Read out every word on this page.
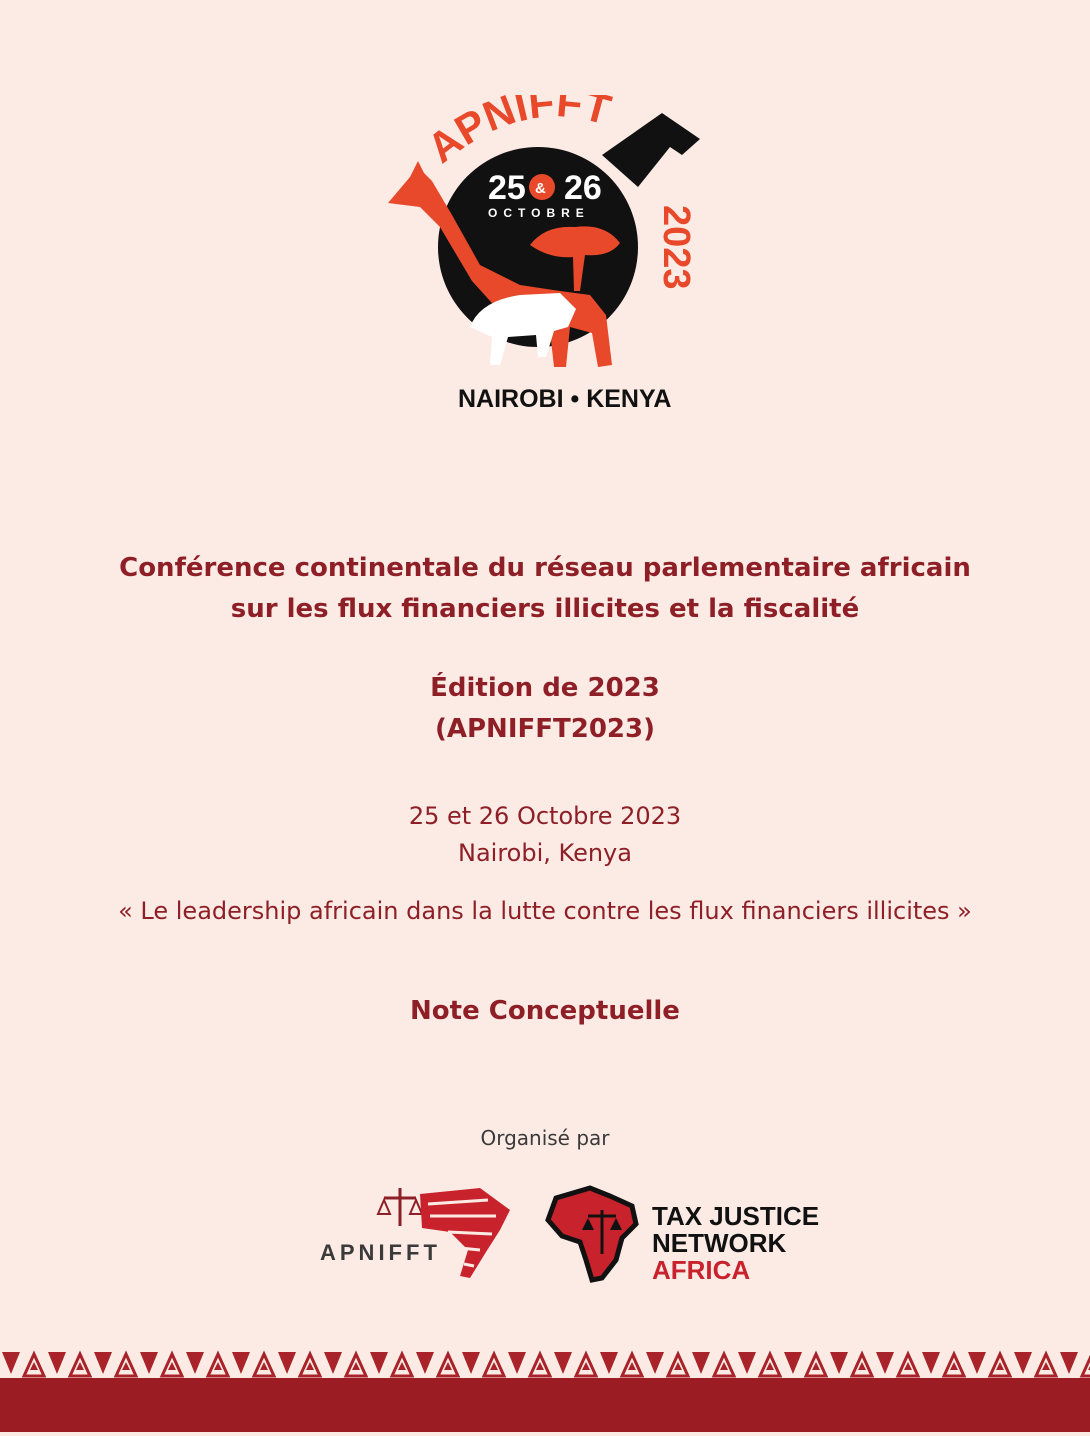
APNIFFT
2023
25 & 26
OCTOBRE
NAIROBI • KENYA
Conférence continentale du réseau parlementaire africain
sur les flux financiers illicites et la fiscalité
Édition de 2023
(APNIFFT2023)
25 et 26 Octobre 2023
Nairobi, Kenya
« Le leadership africain dans la lutte contre les flux financiers illicites »
Note Conceptuelle
Organisé par
APNIFFT
TAX JUSTICE
NETWORK
AFRICA
